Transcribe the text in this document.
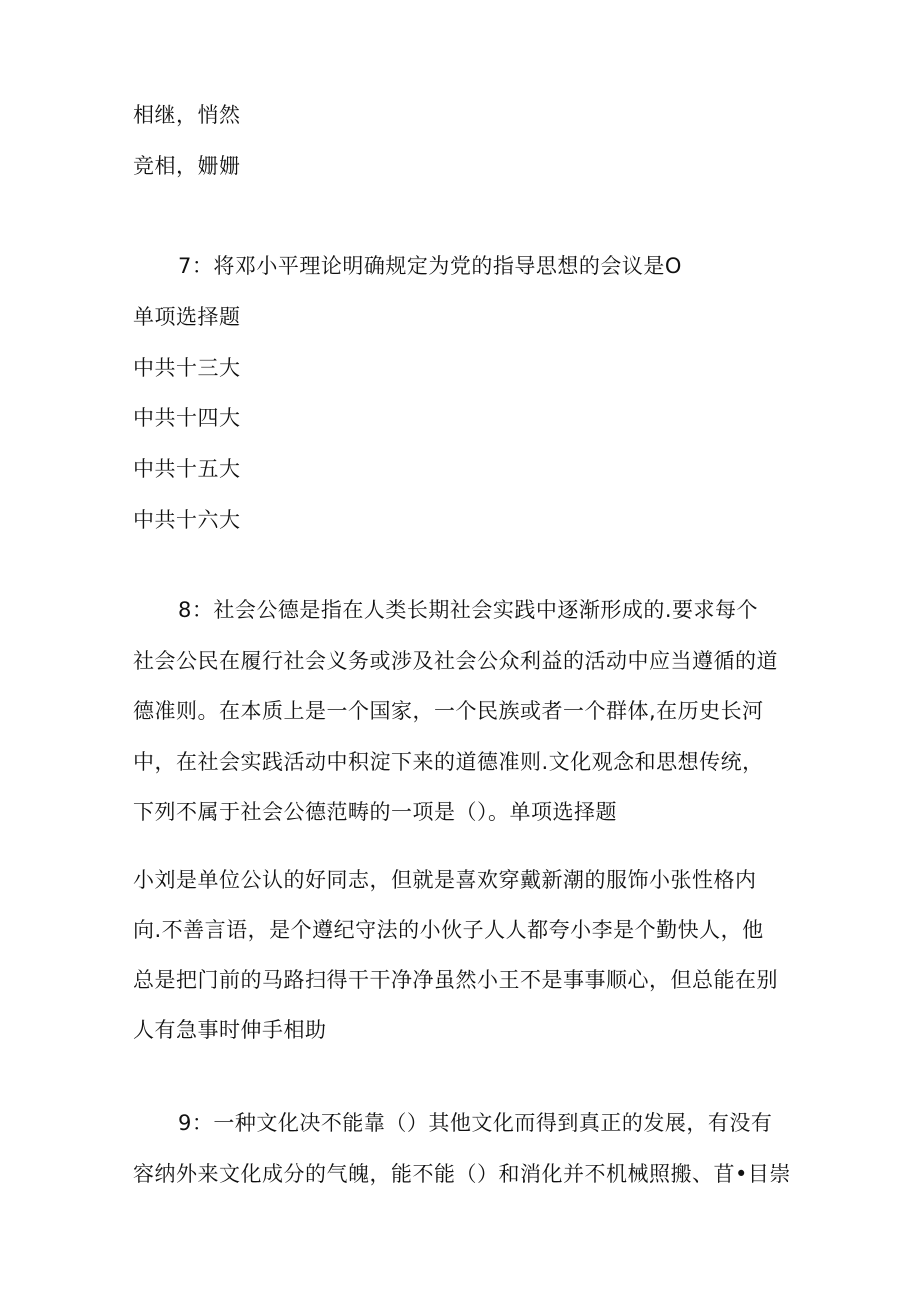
相继，悄然
竞相，姗姗
7：将邓小平理论明确规定为党的指导思想的会议是O
单项选择题
中共十三大
中共十四大
中共十五大
中共十六大
8：社会公德是指在人类长期社会实践中逐渐形成的.要求每个
社会公民在履行社会义务或涉及社会公众利益的活动中应当遵循的道
德准则。在本质上是一个国家，一个民族或者一个群体,在历史长河
中，在社会实践活动中积淀下来的道德准则.文化观念和思想传统，
下列不属于社会公德范畴的一项是（）。单项选择题
小刘是单位公认的好同志，但就是喜欢穿戴新潮的服饰小张性格内
向.不善言语，是个遵纪守法的小伙子人人都夸小李是个勤快人，他
总是把门前的马路扫得干干净净虽然小王不是事事顺心，但总能在别
人有急事时伸手相助
9：一种文化决不能靠（）其他文化而得到真正的发展，有没有
容纳外来文化成分的气魄，能不能（）和消化并不机械照搬、苜•目崇
